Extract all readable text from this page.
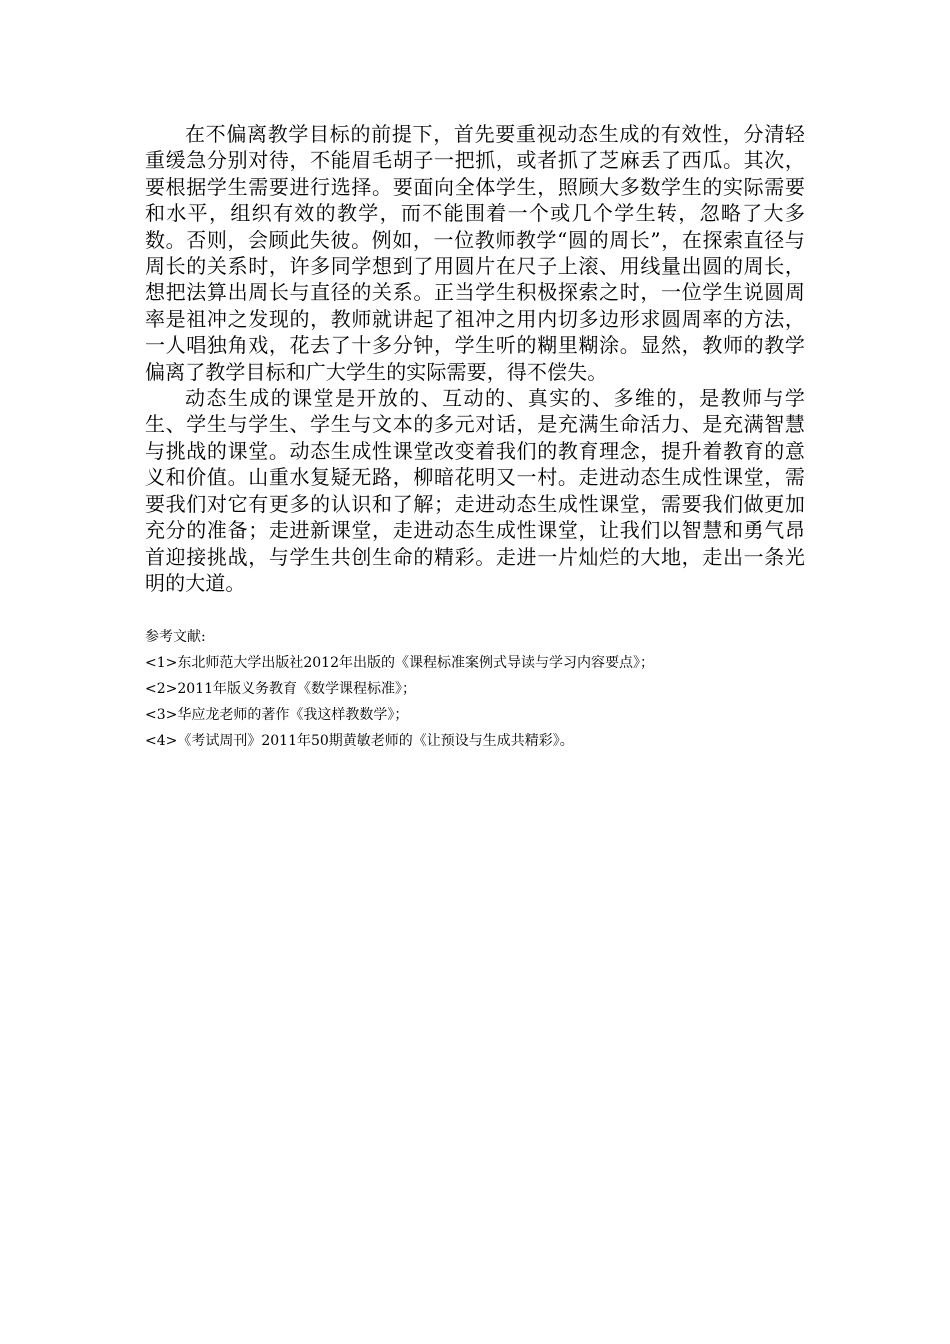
在不偏离教学目标的前提下，首先要重视动态生成的有效性，分清轻重缓急分别对待，不能眉毛胡子一把抓，或者抓了芝麻丢了西瓜。其次，要根据学生需要进行选择。要面向全体学生，照顾大多数学生的实际需要和水平，组织有效的教学，而不能围着一个或几个学生转，忽略了大多数。否则，会顾此失彼。例如，一位教师教学“圆的周长”，在探索直径与周长的关系时，许多同学想到了用圆片在尺子上滚、用线量出圆的周长，想把法算出周长与直径的关系。正当学生积极探索之时，一位学生说圆周率是祖冲之发现的，教师就讲起了祖冲之用内切多边形求圆周率的方法，一人唱独角戏，花去了十多分钟，学生听的糊里糊涂。显然，教师的教学偏离了教学目标和广大学生的实际需要，得不偿失。

动态生成的课堂是开放的、互动的、真实的、多维的，是教师与学生、学生与学生、学生与文本的多元对话，是充满生命活力、是充满智慧与挑战的课堂。动态生成性课堂改变着我们的教育理念，提升着教育的意义和价值。山重水复疑无路，柳暗花明又一村。走进动态生成性课堂，需要我们对它有更多的认识和了解；走进动态生成性课堂，需要我们做更加充分的准备；走进新课堂，走进动态生成性课堂，让我们以智慧和勇气昂首迎接挑战，与学生共创生命的精彩。走进一片灿烂的大地，走出一条光明的大道。

参考文献:

<1>东北师范大学出版社2012年出版的《课程标准案例式导读与学习内容要点》；

<2>2011年版义务教育《数学课程标准》；

<3>华应龙老师的著作《我这样教数学》；

<4>《考试周刊》2011年50期黄敏老师的《让预设与生成共精彩》。
